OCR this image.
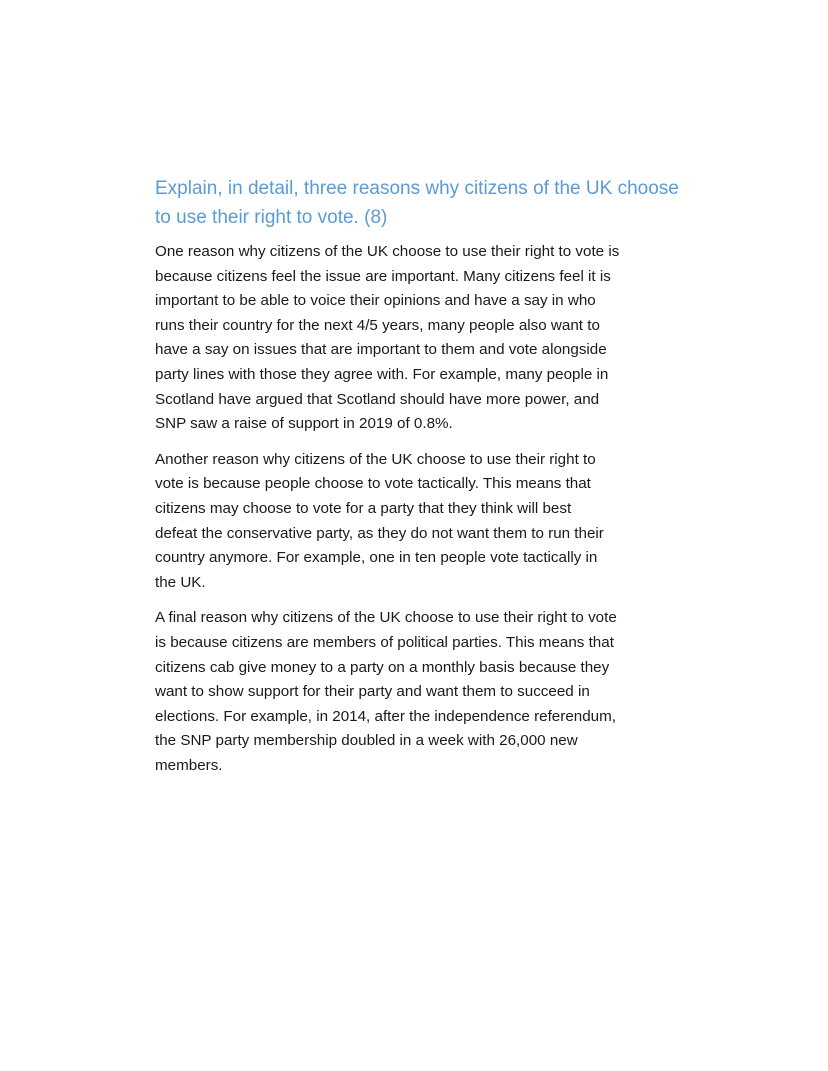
Explain, in detail, three reasons why citizens of the UK choose
to use their right to vote. (8)

One reason why citizens of the UK choose to use their right to vote is
because citizens feel the issue are important. Many citizens feel it is
important to be able to voice their opinions and have a say in who
runs their country for the next 4/5 years, many people also want to
have a say on issues that are important to them and vote alongside
party lines with those they agree with. For example, many people in
Scotland have argued that Scotland should have more power, and
SNP saw a raise of support in 2019 of 0.8%.

Another reason why citizens of the UK choose to use their right to
vote is because people choose to vote tactically. This means that
citizens may choose to vote for a party that they think will best
defeat the conservative party, as they do not want them to run their
country anymore. For example, one in ten people vote tactically in
the UK.

A final reason why citizens of the UK choose to use their right to vote
is because citizens are members of political parties. This means that
citizens cab give money to a party on a monthly basis because they
want to show support for their party and want them to succeed in
elections. For example, in 2014, after the independence referendum,
the SNP party membership doubled in a week with 26,000 new
members.
